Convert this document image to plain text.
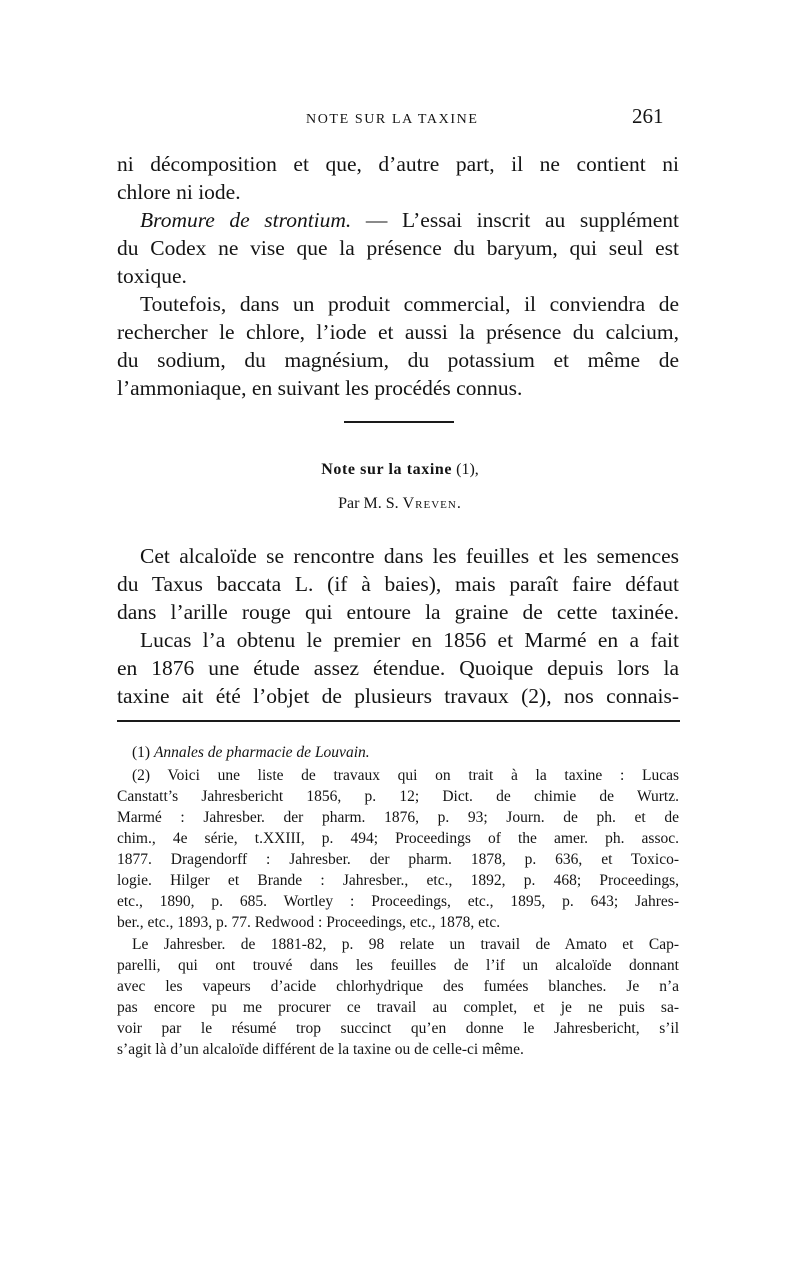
NOTE SUR LA TAXINE	261
ni décomposition et que, d’autre part, il ne contient ni
chlore ni iode.
Bromure de strontium. — L’essai inscrit au supplément
du Codex ne vise que la présence du baryum, qui seul est
toxique.
Toutefois, dans un produit commercial, il conviendra de
rechercher le chlore, l’iode et aussi la présence du calcium,
du sodium, du magnésium, du potassium et même de
l’ammoniaque, en suivant les procédés connus.
Note sur la taxine (1),
Par M. S. Vreven.
Cet alcaloïde se rencontre dans les feuilles et les semences
du Taxus baccata L. (if à baies), mais paraît faire défaut
dans l’arille rouge qui entoure la graine de cette taxinée.
Lucas l’a obtenu le premier en 1856 et Marmé en a fait
en 1876 une étude assez étendue. Quoique depuis lors la
taxine ait été l’objet de plusieurs travaux (2), nos connais-
(1) Annales de pharmacie de Louvain.
(2) Voici une liste de travaux qui on trait à la taxine : Lucas
Canstatt’s Jahresbericht 1856, p. 12; Dict. de chimie de Wurtz.
Marmé : Jahresber. der pharm. 1876, p. 93; Journ. de ph. et de
chim., 4e série, t.XXIII, p. 494; Proceedings of the amer. ph. assoc.
1877. Dragendorff : Jahresber. der pharm. 1878, p. 636, et Toxico-
logie. Hilger et Brande : Jahresber., etc., 1892, p. 468; Proceedings,
etc., 1890, p. 685. Wortley : Proceedings, etc., 1895, p. 643; Jahres-
ber., etc., 1893, p. 77. Redwood : Proceedings, etc., 1878, etc.
Le Jahresber. de 1881-82, p. 98 relate un travail de Amato et Cap-
parelli, qui ont trouvé dans les feuilles de l’if un alcaloïde donnant
avec les vapeurs d’acide chlorhydrique des fumées blanches. Je n’a
pas encore pu me procurer ce travail au complet, et je ne puis sa-
voir par le résumé trop succinct qu’en donne le Jahresbericht, s’il
s’agit là d’un alcaloïde différent de la taxine ou de celle-ci même.
